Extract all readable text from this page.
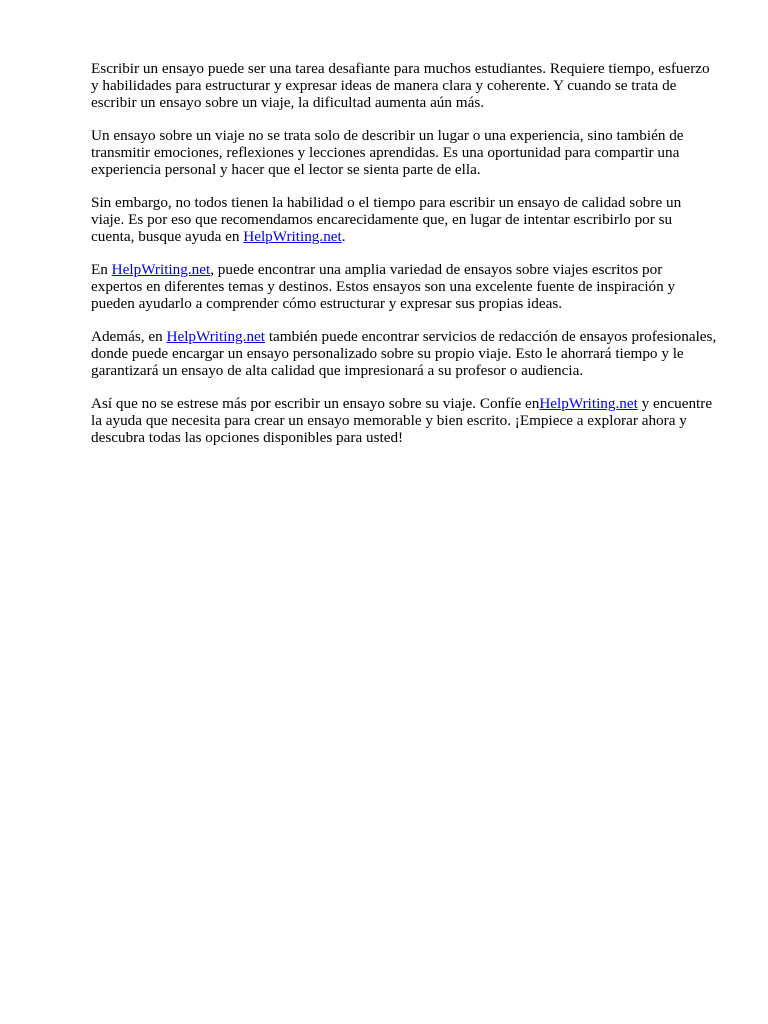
Escribir un ensayo puede ser una tarea desafiante para muchos estudiantes. Requiere tiempo, esfuerzo y habilidades para estructurar y expresar ideas de manera clara y coherente. Y cuando se trata de escribir un ensayo sobre un viaje, la dificultad aumenta aún más.

Un ensayo sobre un viaje no se trata solo de describir un lugar o una experiencia, sino también de transmitir emociones, reflexiones y lecciones aprendidas. Es una oportunidad para compartir una experiencia personal y hacer que el lector se sienta parte de ella.

Sin embargo, no todos tienen la habilidad o el tiempo para escribir un ensayo de calidad sobre un viaje. Es por eso que recomendamos encarecidamente que, en lugar de intentar escribirlo por su cuenta, busque ayuda en HelpWriting.net.

En HelpWriting.net, puede encontrar una amplia variedad de ensayos sobre viajes escritos por expertos en diferentes temas y destinos. Estos ensayos son una excelente fuente de inspiración y pueden ayudarlo a comprender cómo estructurar y expresar sus propias ideas.

Además, en HelpWriting.net también puede encontrar servicios de redacción de ensayos profesionales, donde puede encargar un ensayo personalizado sobre su propio viaje. Esto le ahorrará tiempo y le garantizará un ensayo de alta calidad que impresionará a su profesor o audiencia.

Así que no se estrese más por escribir un ensayo sobre su viaje. Confíe enHelpWriting.net y encuentre la ayuda que necesita para crear un ensayo memorable y bien escrito. ¡Empiece a explorar ahora y descubra todas las opciones disponibles para usted!
